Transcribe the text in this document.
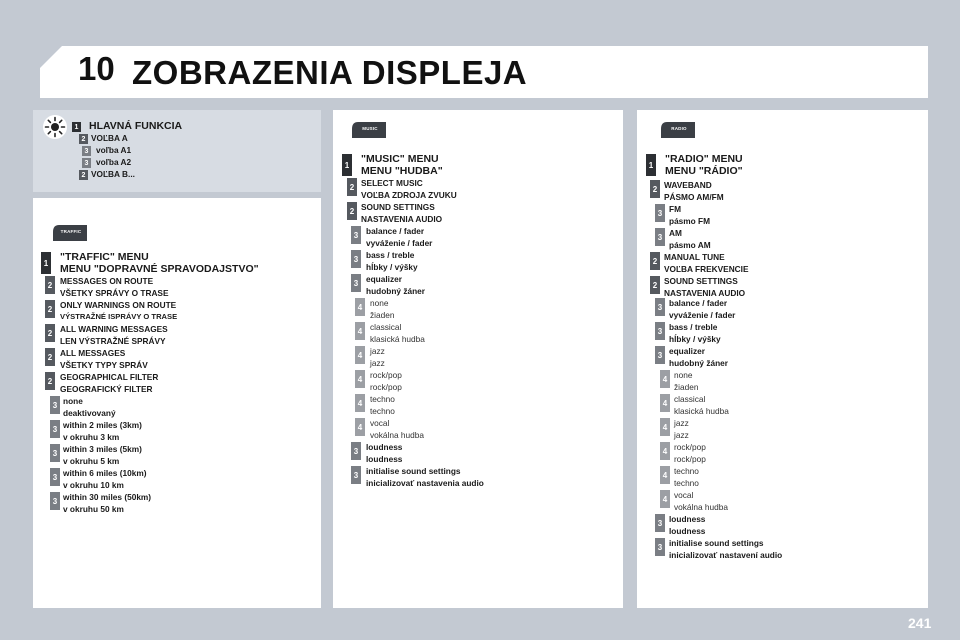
10 ZOBRAZENIA DISPLEJA
TRAFFIC
MUSIC	RADIO
1 HLAVNÁ FUNKCIA
2 VOĽBA A
3 voľba A1
3 voľba A2
2 VOĽBA B...
1 "TRAFFIC" MENU
MENU "DOPRAVNÉ SPRAVODAJSTVO"
2 MESSAGES ON ROUTE
VŠETKY SPRÁVY O TRASE
2 ONLY WARNINGS ON ROUTE
VÝSTRAŽNÉ ISPRÁVY O TRASE
2 ALL WARNING MESSAGES
LEN VÝSTRAŽNÉ SPRÁVY
2 ALL MESSAGES
VŠETKY TYPY SPRÁV
2 GEOGRAPHICAL FILTER
GEOGRAFICKÝ FILTER
3 none
deaktivovaný
3 within 2 miles (3km)
v okruhu 3 km
3 within 3 miles (5km)
v okruhu 5 km
3 within 6 miles (10km)
v okruhu 10 km
3 within 30 miles (50km)
v okruhu 50 km
1 "MUSIC" MENU
MENU "HUDBA"
2 SELECT MUSIC
VOĽBA ZDROJA ZVUKU
2 SOUND SETTINGS
NASTAVENIA AUDIO
3 balance / fader
vyváženie / fader
3 bass / treble
hĺbky / výšky
3 equalizer
hudobný žáner
4 none
žiaden
4 classical
klasická hudba
4 jazz
jazz
4 rock/pop
rock/pop
4 techno
techno
4 vocal
vokálna hudba
3 loudness
loudness
3 initialise sound settings
inicializovať nastavenia audio
1 "RADIO" MENU
MENU "RÁDIO"
2 WAVEBAND
PÁSMO AM/FM
3 FM
pásmo FM
3 AM
pásmo AM
2 MANUAL TUNE
VOĽBA FREKVENCIE
2 SOUND SETTINGS
NASTAVENIA AUDIO
3 balance / fader
vyváženie / fader
3 bass / treble
hĺbky / výšky
3 equalizer
hudobný žáner
4 none
žiaden
4 classical
klasická hudba
4 jazz
jazz
4 rock/pop
rock/pop
4 techno
techno
4 vocal
vokálna hudba
3 loudness
loudness
3 initialise sound settings
inicializovať nastavení audio
241
